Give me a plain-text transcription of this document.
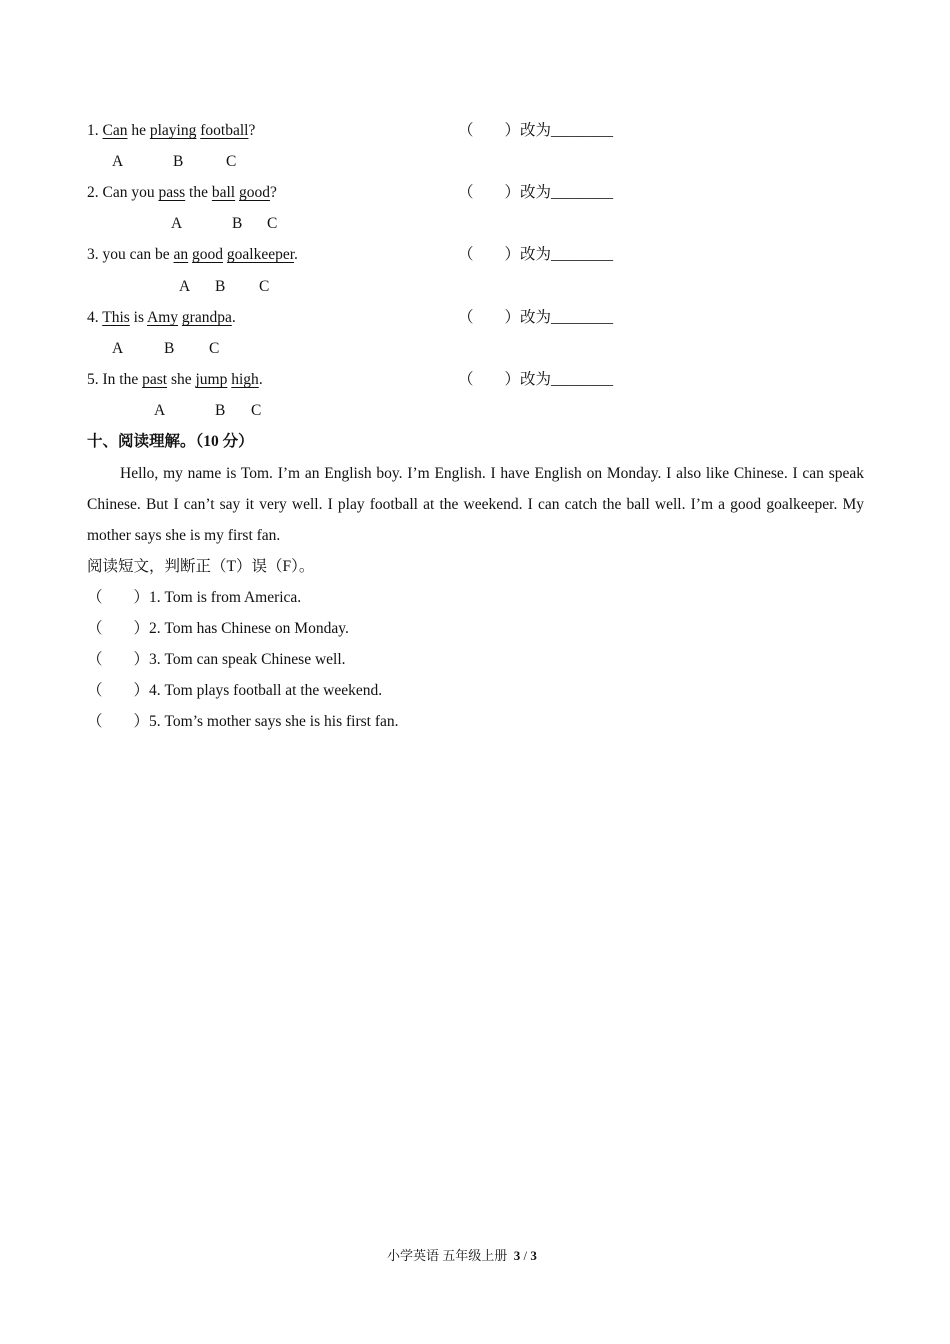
1. Can he playing football?	（　　）改为________
A	B	C
2. Can you pass the ball good?	（　　）改为________
A	B C
3. you can be an good goalkeeper.	（　　）改为________
A B C
4. This is Amy grandpa.	（　　）改为________
A	B C
5. In the past she jump high.	（　　）改为________
A	B C
十、阅读理解。（10 分）
Hello, my name is Tom. I’m an English boy. I’m English. I have English on Monday. I also like Chinese. I can speak Chinese. But I can’t say it very well. I play football at the weekend. I can catch the ball well. I’m a good goalkeeper. My mother says she is my first fan.
阅读短文，判断正（T）误（F）。
（　　）1. Tom is from America.
（　　）2. Tom has Chinese on Monday.
（　　）3. Tom can speak Chinese well.
（　　）4. Tom plays football at the weekend.
（　　）5. Tom’s mother says she is his first fan.
小学英语 五年级上册 3 / 3
